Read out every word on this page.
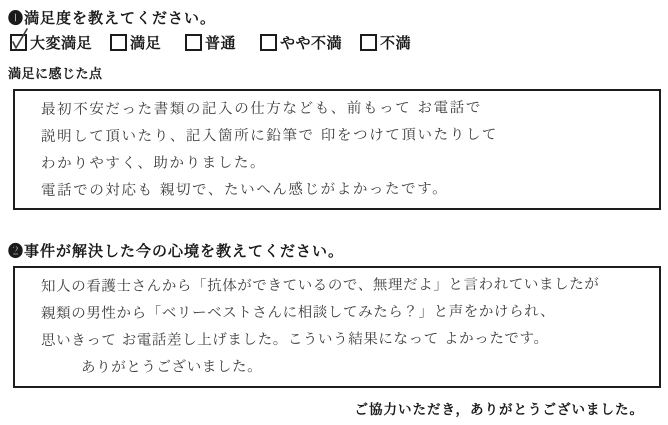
❶満足度を教えてください。
大変満足	満足	普通	やや不満	不満
満足に感じた点
最初不安だった書類の記入の仕方なども、前もって お電話で
説明して頂いたり、記入箇所に鉛筆で 印をつけて頂いたりして
わかりやすく、助かりました。
電話での対応も 親切で、たいへん感じがよかったです。
❷事件が解決した今の心境を教えてください。
知人の看護士さんから「抗体ができているので、無理だよ」と言われていましたが
親類の男性から「ベリーベストさんに相談してみたら？」と声をかけられ、
思いきって お電話差し上げました。こういう結果になって よかったです。
ありがとうございました。
ご協力いただき，ありがとうございました。
